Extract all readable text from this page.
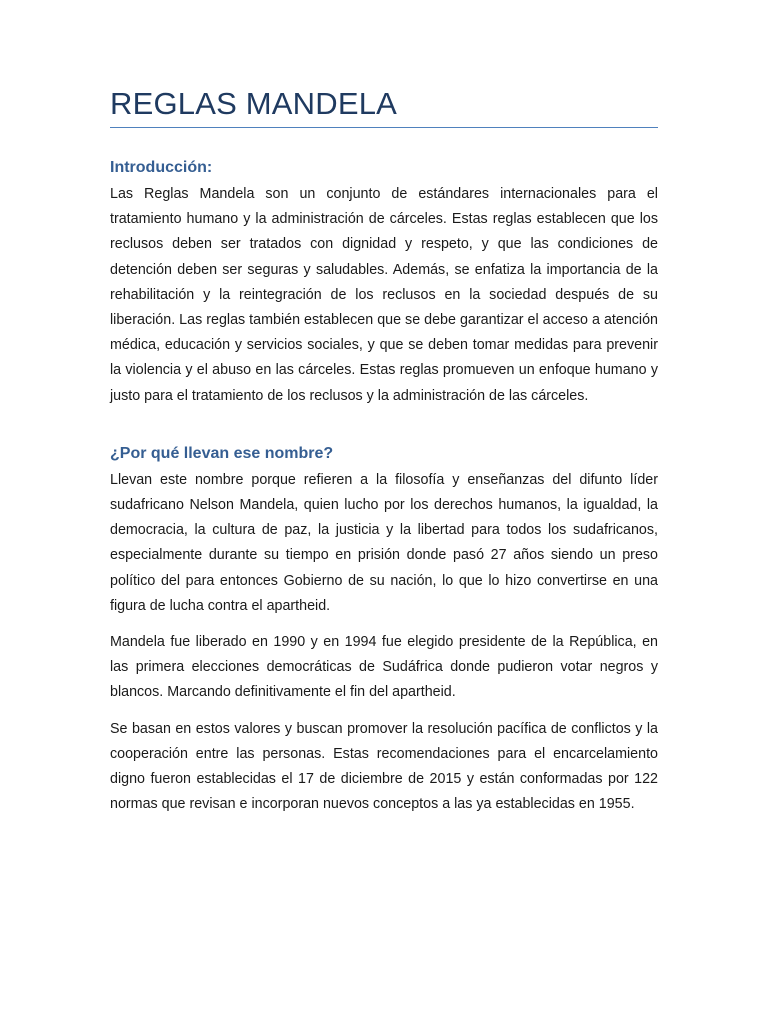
REGLAS MANDELA
Introducción:

Las Reglas Mandela son un conjunto de estándares internacionales para el tratamiento humano y la administración de cárceles. Estas reglas establecen que los reclusos deben ser tratados con dignidad y respeto, y que las condiciones de detención deben ser seguras y saludables. Además, se enfatiza la importancia de la rehabilitación y la reintegración de los reclusos en la sociedad después de su liberación. Las reglas también establecen que se debe garantizar el acceso a atención médica, educación y servicios sociales, y que se deben tomar medidas para prevenir la violencia y el abuso en las cárceles. Estas reglas promueven un enfoque humano y justo para el tratamiento de los reclusos y la administración de las cárceles.

¿Por qué llevan ese nombre?

Llevan este nombre porque refieren a la filosofía y enseñanzas del difunto líder sudafricano Nelson Mandela, quien lucho por los derechos humanos, la igualdad, la democracia, la cultura de paz, la justicia y la libertad para todos los sudafricanos, especialmente durante su tiempo en prisión donde pasó 27 años siendo un preso político del para entonces Gobierno de su nación, lo que lo hizo convertirse en una figura de lucha contra el apartheid.

Mandela fue liberado en 1990 y en 1994 fue elegido presidente de la República, en las primera elecciones democráticas de Sudáfrica donde pudieron votar negros y blancos. Marcando definitivamente el fin del apartheid.

Se basan en estos valores y buscan promover la resolución pacífica de conflictos y la cooperación entre las personas. Estas recomendaciones para el encarcelamiento digno fueron establecidas el 17 de diciembre de 2015 y están conformadas por 122 normas que revisan e incorporan nuevos conceptos a las ya establecidas en 1955.
